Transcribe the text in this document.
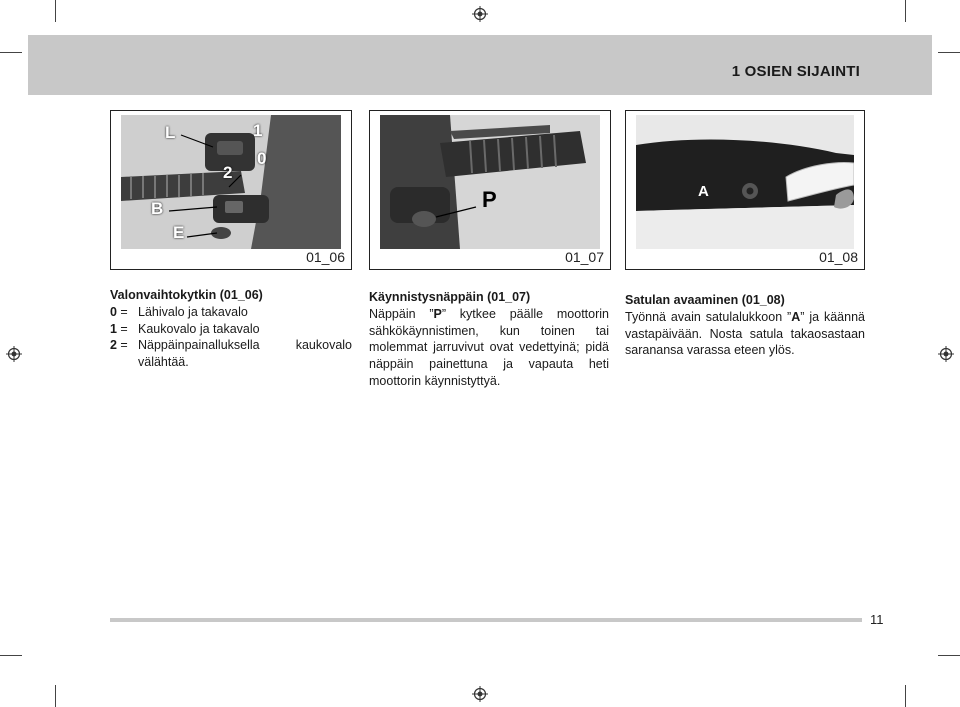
1 OSIEN SIJAINTI
L	1
0
2
B
E
01_06
P
01_07
A
01_08
Valonvaihtokytkin (01_06)
0 = Lähivalo ja takavalo
1 = Kaukovalo ja takavalo
2 = Näppäinpainalluksella kaukovalo
välähtää.
Käynnistysnäppäin (01_07)
Näppäin ”P” kytkee päälle moottorin sähkökäynnistimen, kun toinen tai molemmat jarruvivut ovat vedettyinä; pidä näppäin painettuna ja vapauta heti moottorin käynnistyttyä.
Satulan avaaminen (01_08)
Työnnä avain satulalukkoon ”A” ja käännä vastapäivään. Nosta satula takaosastaan saranansa varassa eteen ylös.
11
